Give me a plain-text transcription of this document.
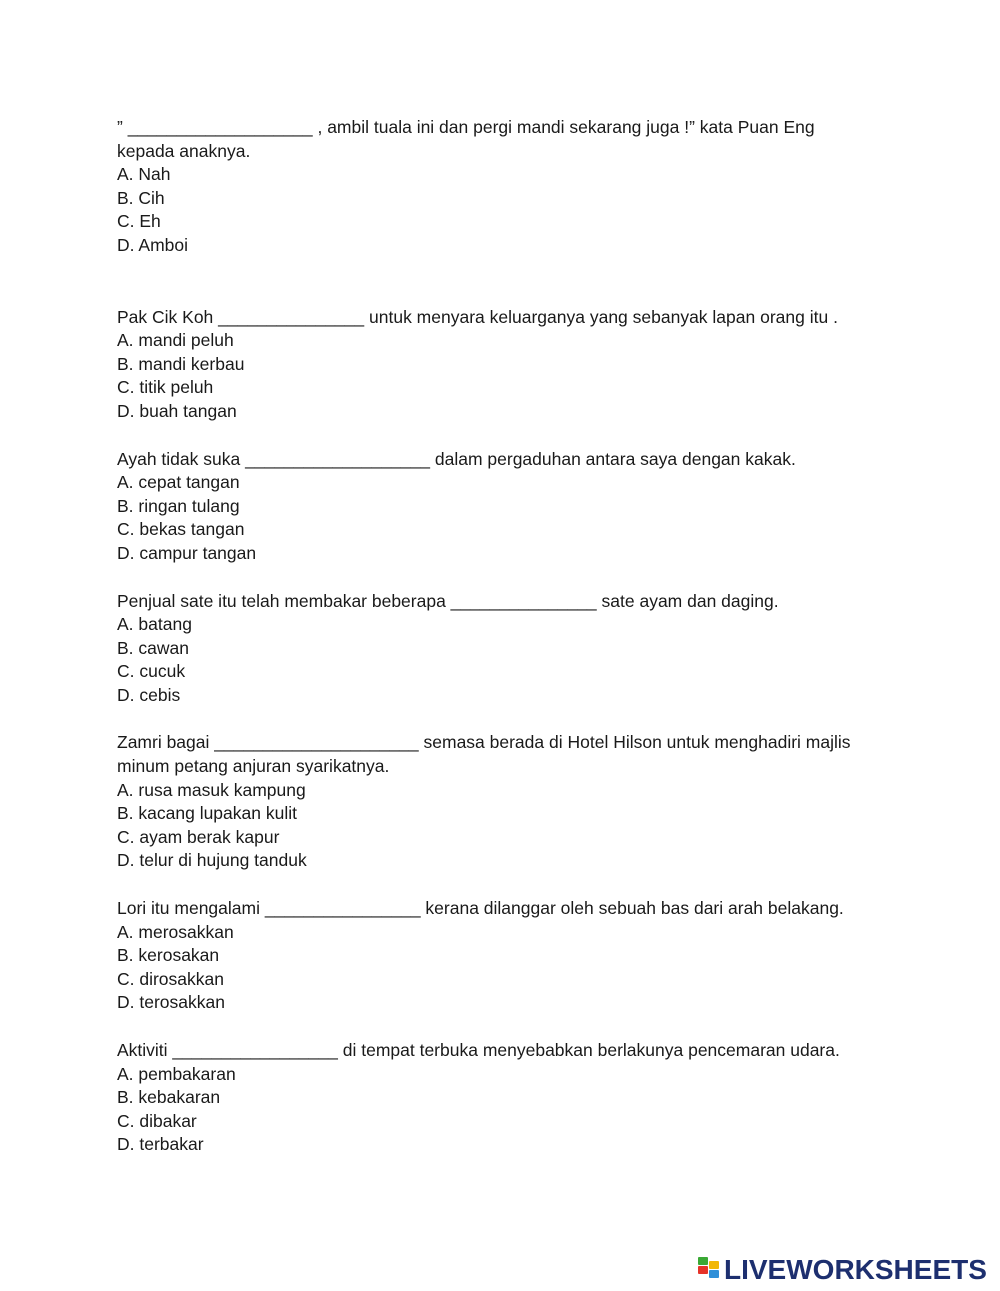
” ___________________ , ambil tuala ini dan pergi mandi sekarang juga !” kata Puan Eng

kepada anaknya.

A. Nah

B. Cih

C. Eh

D. Amboi

Pak Cik Koh _______________ untuk menyara keluarganya yang sebanyak lapan orang itu .

A. mandi peluh

B. mandi kerbau

C. titik peluh

D. buah tangan

Ayah tidak suka ___________________ dalam pergaduhan antara saya dengan kakak.

A. cepat tangan

B. ringan tulang

C. bekas tangan

D. campur tangan

Penjual sate itu telah membakar beberapa _______________ sate ayam dan daging.

A. batang

B. cawan

C. cucuk

D. cebis

Zamri bagai _____________________ semasa berada di Hotel Hilson untuk menghadiri majlis

minum petang anjuran syarikatnya.

A. rusa masuk kampung

B. kacang lupakan kulit

C. ayam berak kapur

D. telur di hujung tanduk

Lori itu mengalami ________________ kerana dilanggar oleh sebuah bas dari arah belakang.

A. merosakkan

B. kerosakan

C. dirosakkan

D. terosakkan

Aktiviti _________________ di tempat terbuka menyebabkan berlakunya pencemaran udara.

A. pembakaran

B. kebakaran

C. dibakar

D. terbakar

LIVEWORKSHEETS
